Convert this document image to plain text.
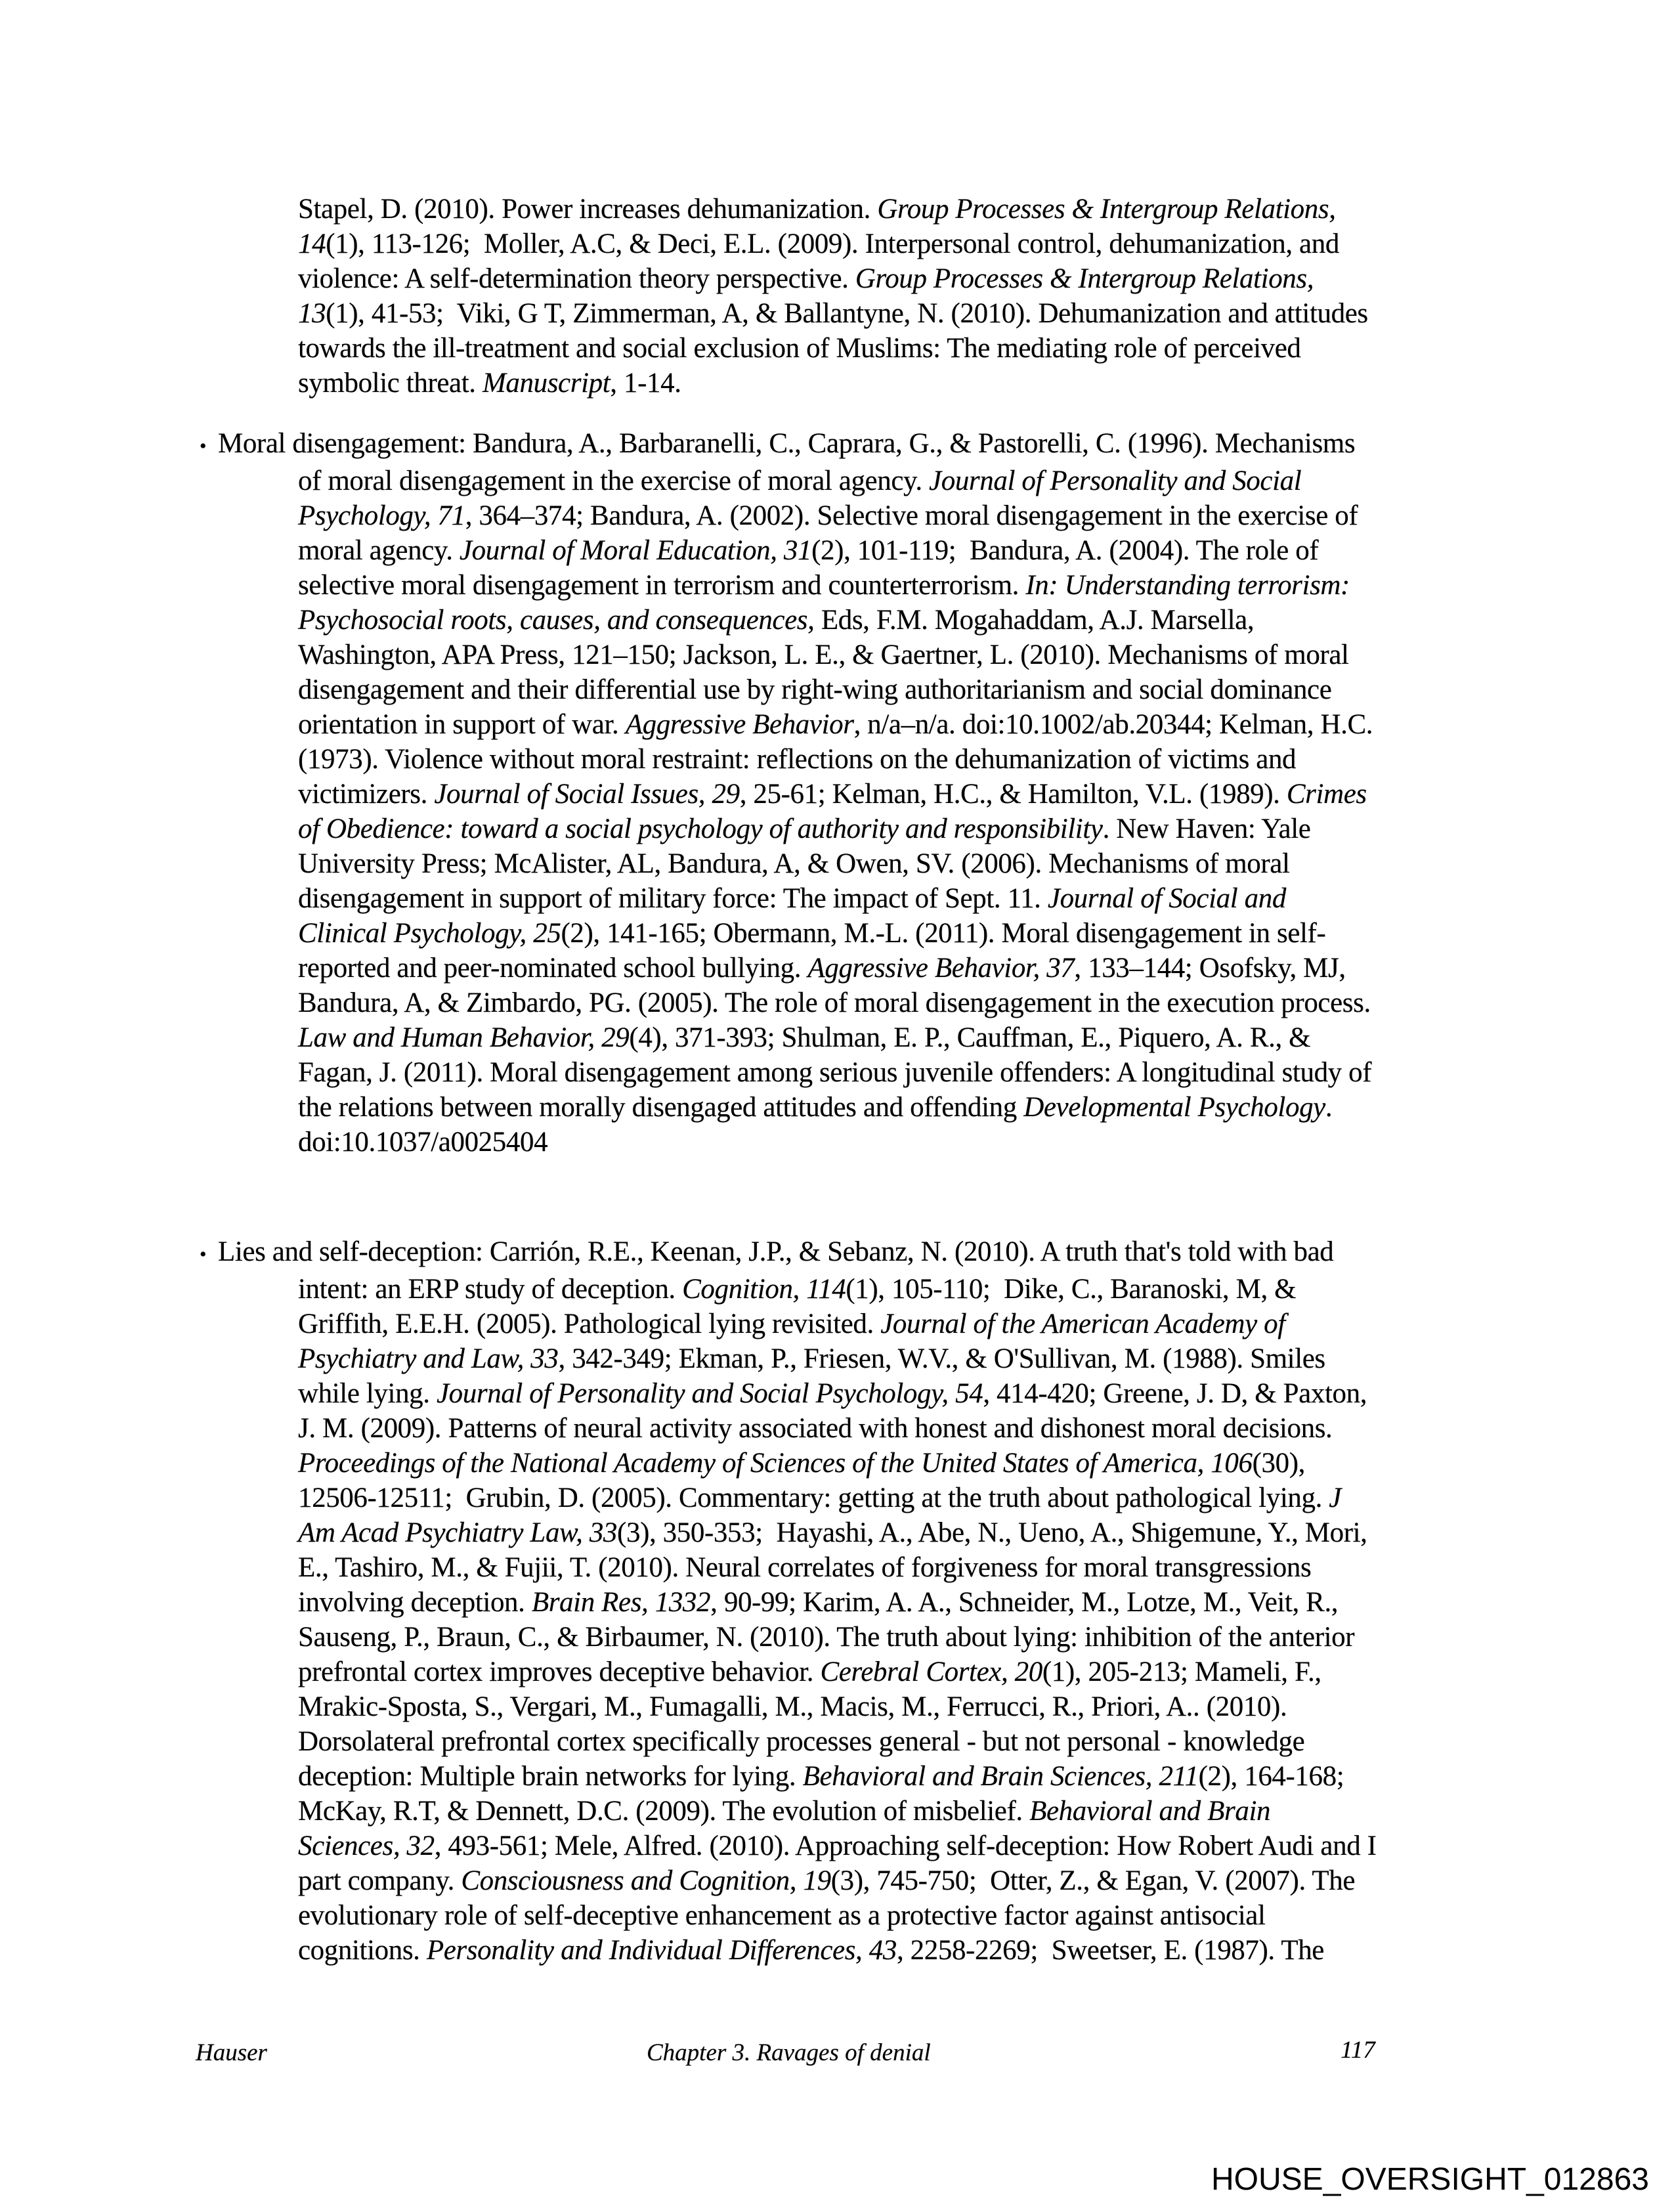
Stapel, D. (2010). Power increases dehumanization. Group Processes & Intergroup Relations,
14(1), 113-126;  Moller, A.C, & Deci, E.L. (2009). Interpersonal control, dehumanization, and
violence: A self-determination theory perspective. Group Processes & Intergroup Relations,
13(1), 41-53;  Viki, G T, Zimmerman, A, & Ballantyne, N. (2010). Dehumanization and attitudes
towards the ill-treatment and social exclusion of Muslims: The mediating role of perceived
symbolic threat. Manuscript, 1-14.
• Moral disengagement: Bandura, A., Barbaranelli, C., Caprara, G., & Pastorelli, C. (1996). Mechanisms
of moral disengagement in the exercise of moral agency. Journal of Personality and Social
Psychology, 71, 364–374; Bandura, A. (2002). Selective moral disengagement in the exercise of
moral agency. Journal of Moral Education, 31(2), 101-119;  Bandura, A. (2004). The role of
selective moral disengagement in terrorism and counterterrorism. In: Understanding terrorism:
Psychosocial roots, causes, and consequences, Eds, F.M. Mogahaddam, A.J. Marsella,
Washington, APA Press, 121–150; Jackson, L. E., & Gaertner, L. (2010). Mechanisms of moral
disengagement and their differential use by right-wing authoritarianism and social dominance
orientation in support of war. Aggressive Behavior, n/a–n/a. doi:10.1002/ab.20344; Kelman, H.C.
(1973). Violence without moral restraint: reflections on the dehumanization of victims and
victimizers. Journal of Social Issues, 29, 25-61; Kelman, H.C., & Hamilton, V.L. (1989). Crimes
of Obedience: toward a social psychology of authority and responsibility. New Haven: Yale
University Press; McAlister, AL, Bandura, A, & Owen, SV. (2006). Mechanisms of moral
disengagement in support of military force: The impact of Sept. 11. Journal of Social and
Clinical Psychology, 25(2), 141-165; Obermann, M.-L. (2011). Moral disengagement in self-
reported and peer-nominated school bullying. Aggressive Behavior, 37, 133–144; Osofsky, MJ,
Bandura, A, & Zimbardo, PG. (2005). The role of moral disengagement in the execution process.
Law and Human Behavior, 29(4), 371-393; Shulman, E. P., Cauffman, E., Piquero, A. R., &
Fagan, J. (2011). Moral disengagement among serious juvenile offenders: A longitudinal study of
the relations between morally disengaged attitudes and offending Developmental Psychology.
doi:10.1037/a0025404
• Lies and self-deception: Carrión, R.E., Keenan, J.P., & Sebanz, N. (2010). A truth that's told with bad
intent: an ERP study of deception. Cognition, 114(1), 105-110;  Dike, C., Baranoski, M, &
Griffith, E.E.H. (2005). Pathological lying revisited. Journal of the American Academy of
Psychiatry and Law, 33, 342-349; Ekman, P., Friesen, W.V., & O'Sullivan, M. (1988). Smiles
while lying. Journal of Personality and Social Psychology, 54, 414-420; Greene, J. D, & Paxton,
J. M. (2009). Patterns of neural activity associated with honest and dishonest moral decisions.
Proceedings of the National Academy of Sciences of the United States of America, 106(30),
12506-12511;  Grubin, D. (2005). Commentary: getting at the truth about pathological lying. J
Am Acad Psychiatry Law, 33(3), 350-353;  Hayashi, A., Abe, N., Ueno, A., Shigemune, Y., Mori,
E., Tashiro, M., & Fujii, T. (2010). Neural correlates of forgiveness for moral transgressions
involving deception. Brain Res, 1332, 90-99; Karim, A. A., Schneider, M., Lotze, M., Veit, R.,
Sauseng, P., Braun, C., & Birbaumer, N. (2010). The truth about lying: inhibition of the anterior
prefrontal cortex improves deceptive behavior. Cerebral Cortex, 20(1), 205-213; Mameli, F.,
Mrakic-Sposta, S., Vergari, M., Fumagalli, M., Macis, M., Ferrucci, R., Priori, A.. (2010).
Dorsolateral prefrontal cortex specifically processes general - but not personal - knowledge
deception: Multiple brain networks for lying. Behavioral and Brain Sciences, 211(2), 164-168;
McKay, R.T, & Dennett, D.C. (2009). The evolution of misbelief. Behavioral and Brain
Sciences, 32, 493-561; Mele, Alfred. (2010). Approaching self-deception: How Robert Audi and I
part company. Consciousness and Cognition, 19(3), 745-750;  Otter, Z., & Egan, V. (2007). The
evolutionary role of self-deceptive enhancement as a protective factor against antisocial
cognitions. Personality and Individual Differences, 43, 2258-2269;  Sweetser, E. (1987). The
Hauser	Chapter 3. Ravages of denial	117
HOUSE_OVERSIGHT_012863
